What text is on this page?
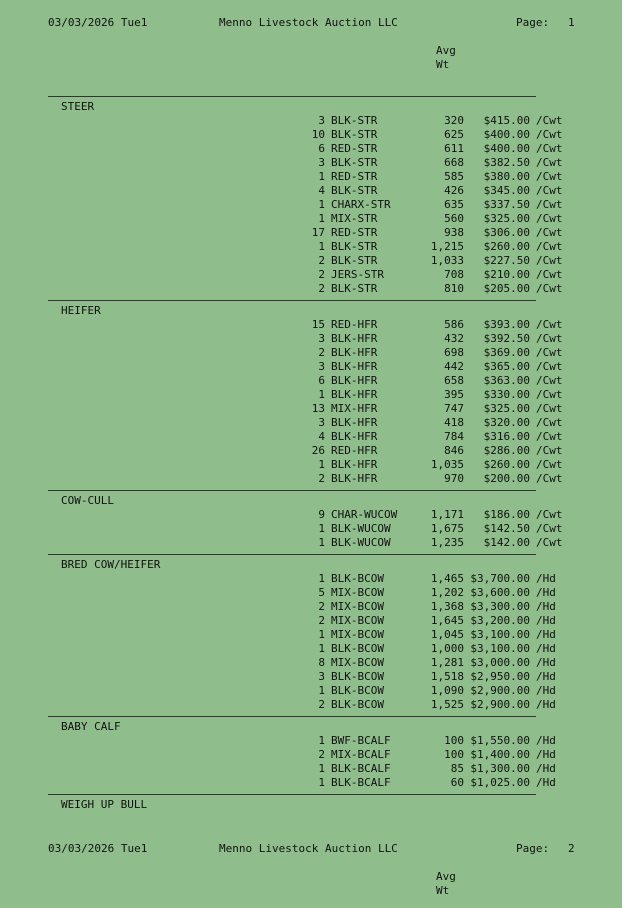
03/03/2026 Tue1	Menno Livestock Auction LLC	Page: 1
Avg
Wt
STEER
3 BLK-STR	320 $415.00 /Cwt
10 BLK-STR	625 $400.00 /Cwt
6 RED-STR	611 $400.00 /Cwt
3 BLK-STR	668 $382.50 /Cwt
1 RED-STR	585 $380.00 /Cwt
4 BLK-STR	426 $345.00 /Cwt
1 CHARX-STR	635 $337.50 /Cwt
1 MIX-STR	560 $325.00 /Cwt
17 RED-STR	938 $306.00 /Cwt
1 BLK-STR	1,215 $260.00 /Cwt
2 BLK-STR	1,033 $227.50 /Cwt
2 JERS-STR	708 $210.00 /Cwt
2 BLK-STR	810 $205.00 /Cwt
HEIFER
15 RED-HFR	586 $393.00 /Cwt
3 BLK-HFR	432 $392.50 /Cwt
2 BLK-HFR	698 $369.00 /Cwt
3 BLK-HFR	442 $365.00 /Cwt
6 BLK-HFR	658 $363.00 /Cwt
1 BLK-HFR	395 $330.00 /Cwt
13 MIX-HFR	747 $325.00 /Cwt
3 BLK-HFR	418 $320.00 /Cwt
4 BLK-HFR	784 $316.00 /Cwt
26 RED-HFR	846 $286.00 /Cwt
1 BLK-HFR	1,035 $260.00 /Cwt
2 BLK-HFR	970 $200.00 /Cwt
COW-CULL
9 CHAR-WUCOW	1,171 $186.00 /Cwt
1 BLK-WUCOW	1,675 $142.50 /Cwt
1 BLK-WUCOW	1,235 $142.00 /Cwt
BRED COW/HEIFER
1 BLK-BCOW	1,465 $3,700.00 /Hd
5 MIX-BCOW	1,202 $3,600.00 /Hd
2 MIX-BCOW	1,368 $3,300.00 /Hd
2 MIX-BCOW	1,645 $3,200.00 /Hd
1 MIX-BCOW	1,045 $3,100.00 /Hd
1 BLK-BCOW	1,000 $3,100.00 /Hd
8 MIX-BCOW	1,281 $3,000.00 /Hd
3 BLK-BCOW	1,518 $2,950.00 /Hd
1 BLK-BCOW	1,090 $2,900.00 /Hd
2 BLK-BCOW	1,525 $2,900.00 /Hd
BABY CALF
1 BWF-BCALF	100 $1,550.00 /Hd
2 MIX-BCALF	100 $1,400.00 /Hd
1 BLK-BCALF	85 $1,300.00 /Hd
1 BLK-BCALF	60 $1,025.00 /Hd
WEIGH UP BULL
03/03/2026 Tue1	Menno Livestock Auction LLC	Page: 2
Avg
Wt
